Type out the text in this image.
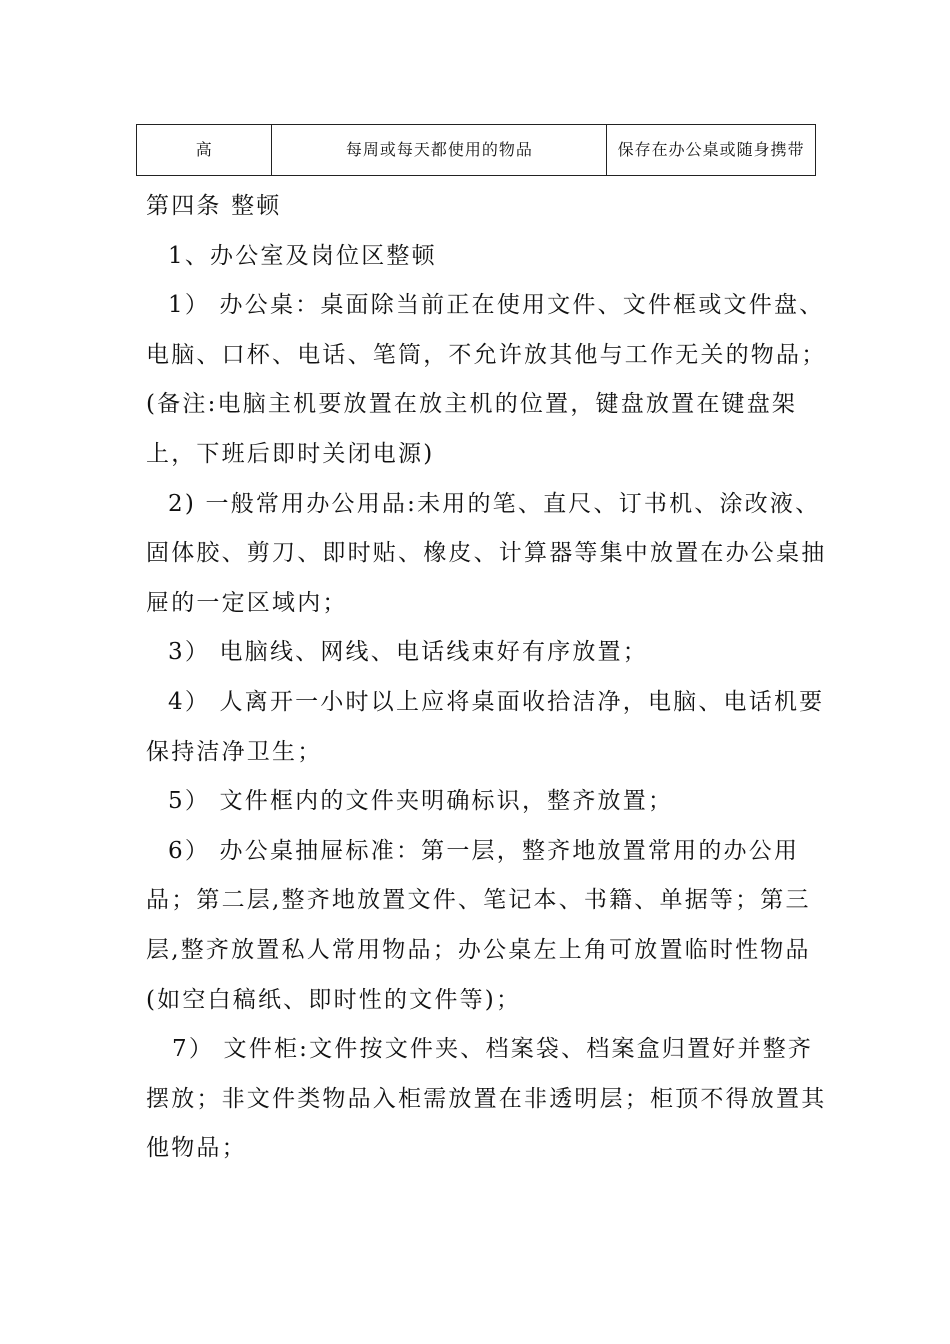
高	每周或每天都使用的物品	保存在办公桌或随身携带

第四条 整顿

1、办公室及岗位区整顿

1） 办公桌：桌面除当前正在使用文件、文件框或文件盘、电脑、口杯、电话、笔筒，不允许放其他与工作无关的物品；(备注:电脑主机要放置在放主机的位置，键盘放置在键盘架上，下班后即时关闭电源)

2) 一般常用办公用品:未用的笔、直尺、订书机、涂改液、固体胶、剪刀、即时贴、橡皮、计算器等集中放置在办公桌抽屉的一定区域内；

3） 电脑线、网线、电话线束好有序放置；

4） 人离开一小时以上应将桌面收拾洁净，电脑、电话机要保持洁净卫生；

5） 文件框内的文件夹明确标识，整齐放置；

6） 办公桌抽屉标准：第一层，整齐地放置常用的办公用品；第二层,整齐地放置文件、笔记本、书籍、单据等；第三层,整齐放置私人常用物品；办公桌左上角可放置临时性物品(如空白稿纸、即时性的文件等)；

7） 文件柜:文件按文件夹、档案袋、档案盒归置好并整齐摆放；非文件类物品入柜需放置在非透明层；柜顶不得放置其他物品；
